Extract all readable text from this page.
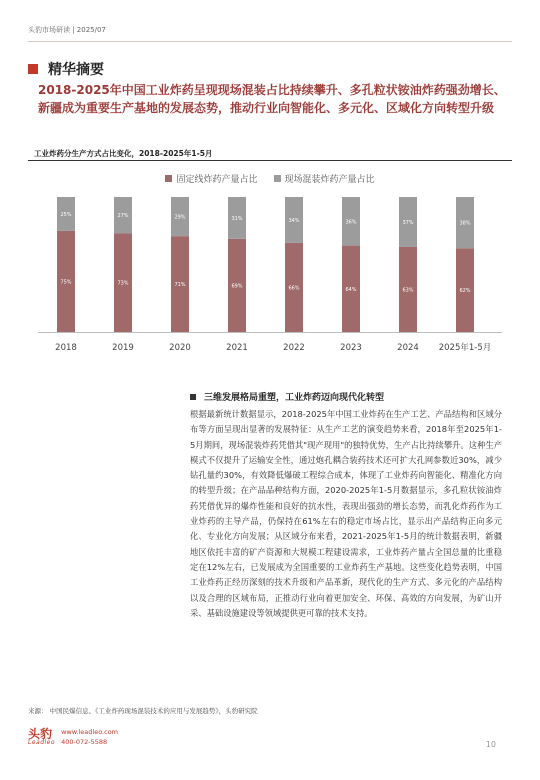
头豹市场研读 | 2025/07
精华摘要
2018-2025年中国工业炸药呈现现场混装占比持续攀升、多孔粒状铵油炸药强劲增长、新疆成为重要生产基地的发展态势，推动行业向智能化、多元化、区域化方向转型升级
工业炸药分生产方式占比变化，2018-2025年1-5月
固定线炸药产量占比	现场混装炸药产量占比
75%
25%
2018
73%
27%
2019
71%
29%
2020
69%
31%
2021
66%
34%
2022
64%
36%
2023
63%
37%
2024
62%
38%
2025年1-5月
三维发展格局重塑，工业炸药迈向现代化转型
根据最新统计数据显示，2018-2025年中国工业炸药在生产工艺、产品结构和区域分布等方面呈现出显著的发展特征：从生产工艺的演变趋势来看，2018年至2025年1-5月期间，现场混装炸药凭借其"现产现用"的独特优势，生产占比持续攀升。这种生产模式不仅提升了运输安全性，通过炮孔耦合装药技术还可扩大孔网参数近30%，减少钻孔量约30%，有效降低爆破工程综合成本，体现了工业炸药向智能化、精准化方向的转型升级；在产品品种结构方面，2020-2025年1-5月数据显示，多孔粒状铵油炸药凭借优异的爆炸性能和良好的抗水性，表现出强劲的增长态势，而乳化炸药作为工业炸药的主导产品，仍保持在61%左右的稳定市场占比，显示出产品结构正向多元化、专业化方向发展；从区域分布来看，2021-2025年1-5月的统计数据表明，新疆地区依托丰富的矿产资源和大规模工程建设需求，工业炸药产量占全国总量的比重稳定在12%左右，已发展成为全国重要的工业炸药生产基地。这些变化趋势表明，中国工业炸药正经历深刻的技术升级和产品革新，现代化的生产方式、多元化的产品结构以及合理的区域布局，正推动行业向着更加安全、环保、高效的方向发展，为矿山开采、基础设施建设等领域提供更可靠的技术支持。
来源： 中国民爆信息、《工业炸药现场混装技术的应用与发展趋势》，头豹研究院
头豹
Leadleo
www.leadleo.com
400-072-5588	10
